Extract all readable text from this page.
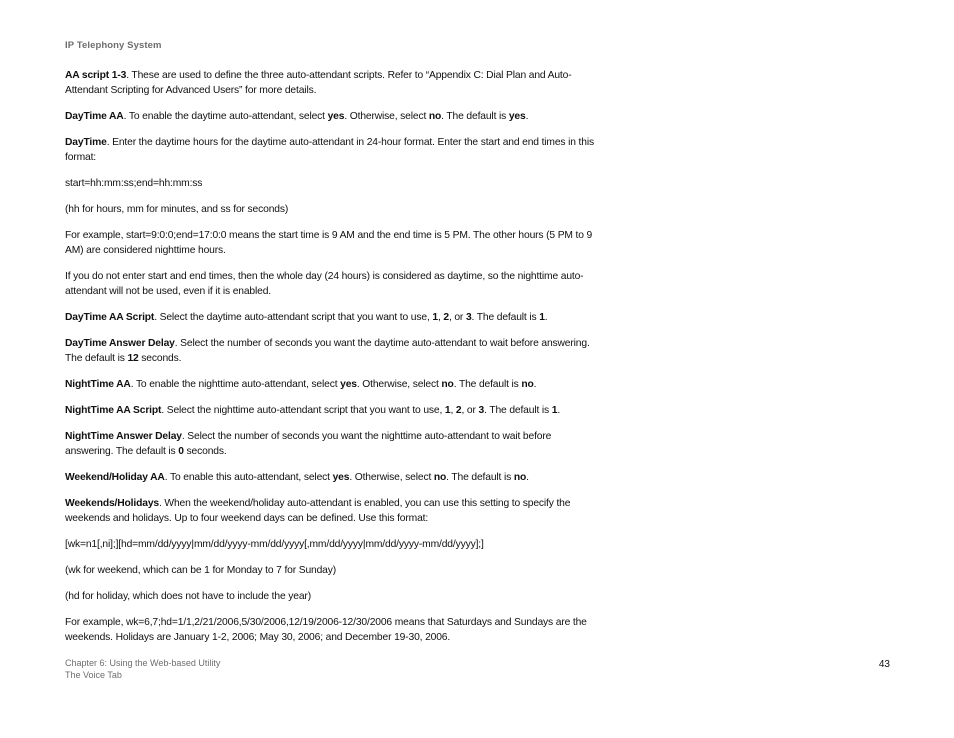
IP Telephony System

AA script 1-3. These are used to define the three auto-attendant scripts. Refer to “Appendix C: Dial Plan and Auto-Attendant Scripting for Advanced Users” for more details.

DayTime AA. To enable the daytime auto-attendant, select yes. Otherwise, select no. The default is yes.

DayTime. Enter the daytime hours for the daytime auto-attendant in 24-hour format. Enter the start and end times in this format:

start=hh:mm:ss;end=hh:mm:ss

(hh for hours, mm for minutes, and ss for seconds)

For example, start=9:0:0;end=17:0:0 means the start time is 9 AM and the end time is 5 PM. The other hours (5 PM to 9 AM) are considered nighttime hours.

If you do not enter start and end times, then the whole day (24 hours) is considered as daytime, so the nighttime auto-attendant will not be used, even if it is enabled.

DayTime AA Script. Select the daytime auto-attendant script that you want to use, 1, 2, or 3. The default is 1.

DayTime Answer Delay. Select the number of seconds you want the daytime auto-attendant to wait before answering. The default is 12 seconds.

NightTime AA. To enable the nighttime auto-attendant, select yes. Otherwise, select no. The default is no.

NightTime AA Script. Select the nighttime auto-attendant script that you want to use, 1, 2, or 3. The default is 1.

NightTime Answer Delay. Select the number of seconds you want the nighttime auto-attendant to wait before answering. The default is 0 seconds.

Weekend/Holiday AA. To enable this auto-attendant, select yes. Otherwise, select no. The default is no.

Weekends/Holidays. When the weekend/holiday auto-attendant is enabled, you can use this setting to specify the weekends and holidays. Up to four weekend days can be defined. Use this format:

[wk=n1[,ni];][hd=mm/dd/yyyy|mm/dd/yyyy-mm/dd/yyyy[,mm/dd/yyyy|mm/dd/yyyy-mm/dd/yyyy];]

(wk for weekend, which can be 1 for Monday to 7 for Sunday)

(hd for holiday, which does not have to include the year)

For example, wk=6,7;hd=1/1,2/21/2006,5/30/2006,12/19/2006-12/30/2006 means that Saturdays and Sundays are the weekends. Holidays are January 1-2, 2006; May 30, 2006; and December 19-30, 2006.

Chapter 6: Using the Web-based Utility
The Voice Tab
43
